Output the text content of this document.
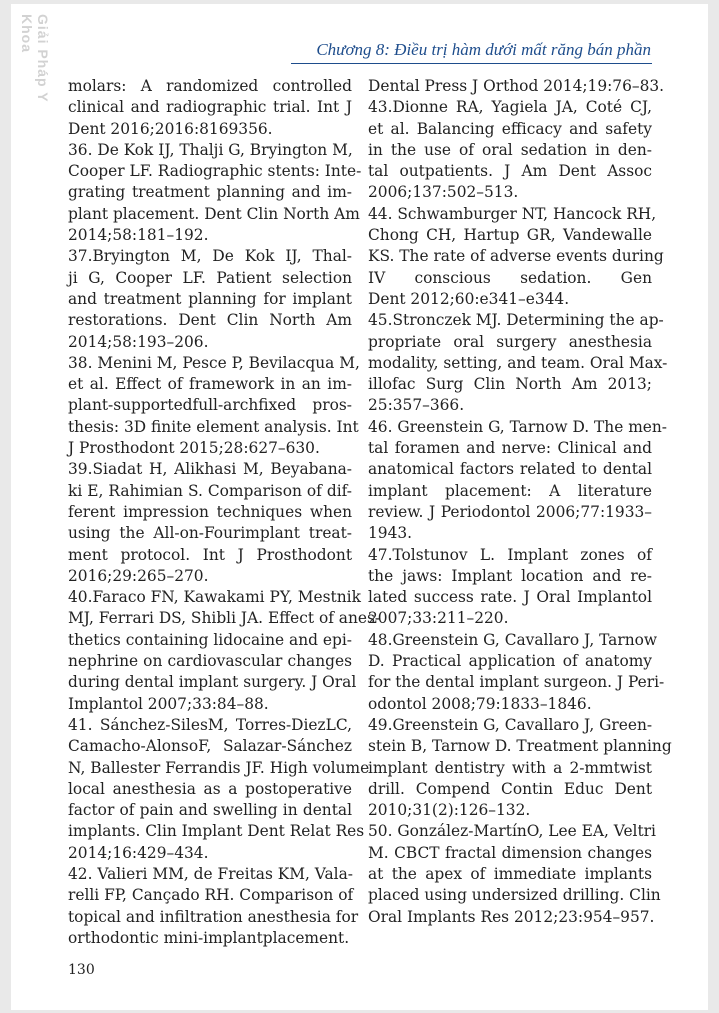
Giải Pháp Y Khoa	Chương 8: Điều trị hàm dưới mất răng bán phần
molars: A randomized controlled
clinical and radiographic trial. Int J
Dent 2016;2016:8169356.
36. De Kok IJ, Thalji G, Bryington M,
Cooper LF. Radiographic stents: Inte-
grating treatment planning and im-
plant placement. Dent Clin North Am
2014;58:181–192.
37.Bryington M, De Kok IJ, Thal-
ji G, Cooper LF. Patient selection
and treatment planning for implant
restorations. Dent Clin North Am
2014;58:193–206.
38. Menini M, Pesce P, Bevilacqua M,
et al. Effect of framework in an im-
plant-supportedfull-archfixed pros-
thesis: 3D finite element analysis. Int
J Prosthodont 2015;28:627–630.
39.Siadat H, Alikhasi M, Beyabana-
ki E, Rahimian S. Comparison of dif-
ferent impression techniques when
using the All-on-Fourimplant treat-
ment protocol. Int J Prosthodont
2016;29:265–270.
40.Faraco FN, Kawakami PY, Mestnik
MJ, Ferrari DS, Shibli JA. Effect of anes-
thetics containing lidocaine and epi-
nephrine on cardiovascular changes
during dental implant surgery. J Oral
Implantol 2007;33:84–88.
41. Sánchez-SilesM, Torres-DiezLC,
Camacho-AlonsoF, Salazar-Sánchez
N, Ballester Ferrandis JF. High volume
local anesthesia as a postoperative
factor of pain and swelling in dental
implants. Clin Implant Dent Relat Res
2014;16:429–434.
42. Valieri MM, de Freitas KM, Vala-
relli FP, Cançado RH. Comparison of
topical and infiltration anesthesia for
orthodontic mini-implantplacement.
Dental Press J Orthod 2014;19:76–83.
43.Dionne RA, Yagiela JA, Coté CJ,
et al. Balancing efficacy and safety
in the use of oral sedation in den-
tal outpatients. J Am Dent Assoc
2006;137:502–513.
44. Schwamburger NT, Hancock RH,
Chong CH, Hartup GR, Vandewalle
KS. The rate of adverse events during
IV conscious sedation. Gen
Dent 2012;60:e341–e344.
45.Stronczek MJ. Determining the ap-
propriate oral surgery anesthesia
modality, setting, and team. Oral Max-
illofac Surg Clin North Am 2013;
25:357–366.
46. Greenstein G, Tarnow D. The men-
tal foramen and nerve: Clinical and
anatomical factors related to dental
implant placement: A literature
review. J Periodontol 2006;77:1933–
1943.
47.Tolstunov L. Implant zones of
the jaws: Implant location and re-
lated success rate. J Oral Implantol
2007;33:211–220.
48.Greenstein G, Cavallaro J, Tarnow
D. Practical application of anatomy
for the dental implant surgeon. J Peri-
odontol 2008;79:1833–1846.
49.Greenstein G, Cavallaro J, Green-
stein B, Tarnow D. Treatment planning
implant dentistry with a 2-mmtwist
drill. Compend Contin Educ Dent
2010;31(2):126–132.
50. González-MartínO, Lee EA, Veltri
M. CBCT fractal dimension changes
at the apex of immediate implants
placed using undersized drilling. Clin
Oral Implants Res 2012;23:954–957.
130
